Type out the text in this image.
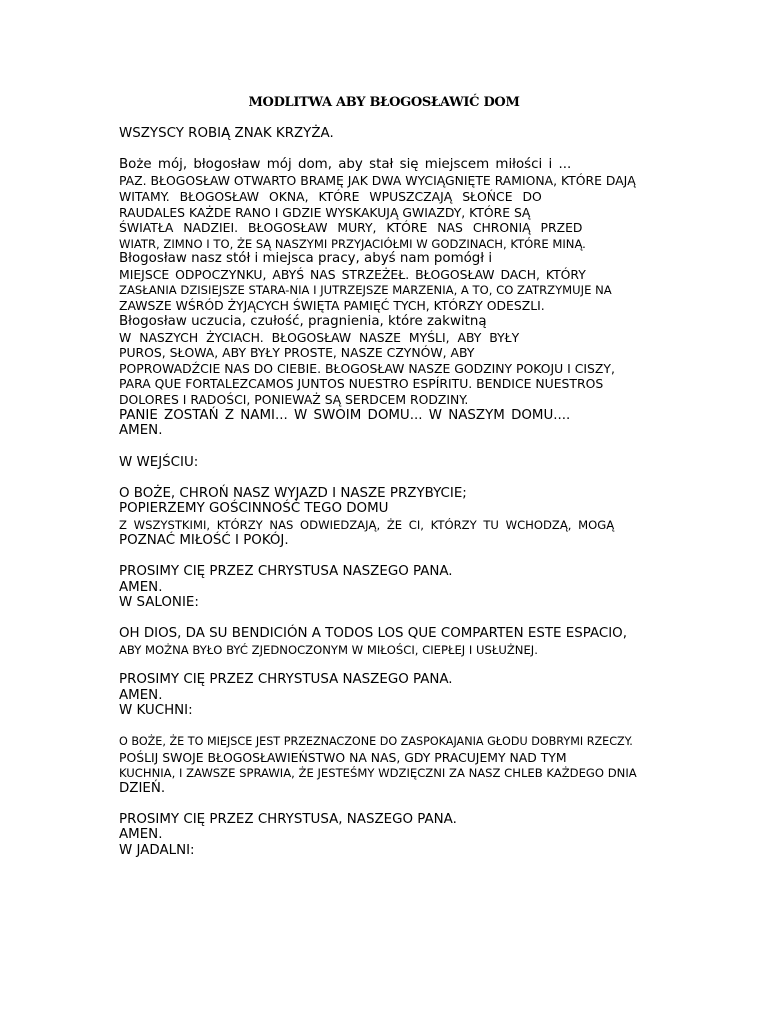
MODLITWA ABY BŁOGOSŁAWIĆ DOM
WSZYSCY ROBIĄ ZNAK KRZYŻA.
Boże mój, błogosław mój dom, aby stał się miejscem miłości i ...
PAZ. BŁOGOSŁAW OTWARTO BRAMĘ JAK DWA WYCIĄGNIĘTE RAMIONA, KTÓRE DAJĄ
WITAMY. BŁOGOSŁAW OKNA, KTÓRE WPUSZCZAJĄ SŁOŃCE DO
RAUDALES KAŻDE RANO I GDZIE WYSKAKUJĄ GWIAZDY, KTÓRE SĄ
ŚWIATŁA NADZIEI. BŁOGOSŁAW MURY, KTÓRE NAS CHRONIĄ PRZED
WIATR, ZIMNO I TO, ŻE SĄ NASZYMI PRZYJACIÓŁMI W GODZINACH, KTÓRE MINĄ.
Błogosław nasz stół i miejsca pracy, abyś nam pomógł i
MIEJSCE ODPOCZYNKU, ABYŚ NAS STRZEŻEŁ. BŁOGOSŁAW DACH, KTÓRY
ZASŁANIA DZISIEJSZE STARA-NIA I JUTRZEJSZE MARZENIA, A TO, CO ZATRZYMUJE NA
ZAWSZE WŚRÓD ŻYJĄCYCH ŚWIĘTA PAMIĘĆ TYCH, KTÓRZY ODESZLI.
Błogosław uczucia, czułość, pragnienia, które zakwitną
W NASZYCH ŻYCIACH. BŁOGOSŁAW NASZE MYŚLI, ABY BYŁY
PUROS, SŁOWA, ABY BYŁY PROSTE, NASZE CZYNÓW, ABY
POPROWADŹCIE NAS DO CIEBIE. BŁOGOSŁAW NASZE GODZINY POKOJU I CISZY,
PARA QUE FORTALEZCAMOS JUNTOS NUESTRO ESPÍRITU. BENDICE NUESTROS
DOLORES I RADOŚCI, PONIEWAŻ SĄ SERDCEM RODZINY.
PANIE ZOSTAŃ Z NAMI... W SWOIM DOMU... W NASZYM DOMU....
AMEN.
W WEJŚCIU:
O BOŻE, CHROŃ NASZ WYJAZD I NASZE PRZYBYCIE;
POPIERZEMY GOŚCINNOŚĆ TEGO DOMU
Z WSZYSTKIMI, KTÓRZY NAS ODWIEDZAJĄ, ŻE CI, KTÓRZY TU WCHODZĄ, MOGĄ
POZNAĆ MIŁOŚĆ I POKÓJ.
PROSIMY CIĘ PRZEZ CHRYSTUSA NASZEGO PANA.
AMEN.
W SALONIE:
OH DIOS, DA SU BENDICIÓN A TODOS LOS QUE COMPARTEN ESTE ESPACIO,
ABY MOŻNA BYŁO BYĆ ZJEDNOCZONYM W MIŁOŚCI, CIEPŁEJ I USŁUŻNEJ.
PROSIMY CIĘ PRZEZ CHRYSTUSA NASZEGO PANA.
AMEN.
W KUCHNI:
O BOŻE, ŻE TO MIEJSCE JEST PRZEZNACZONE DO ZASPOKAJANIA GŁODU DOBRYMI RZECZY.
POŚLIJ SWOJE BŁOGOSŁAWIEŃSTWO NA NAS, GDY PRACUJEMY NAD TYM
KUCHNIA, I ZAWSZE SPRAWIA, ŻE JESTEŚMY WDZIĘCZNI ZA NASZ CHLEB KAŻDEGO DNIA
DZIEŃ.
PROSIMY CIĘ PRZEZ CHRYSTUSA, NASZEGO PANA.
AMEN.
W JADALNI:
